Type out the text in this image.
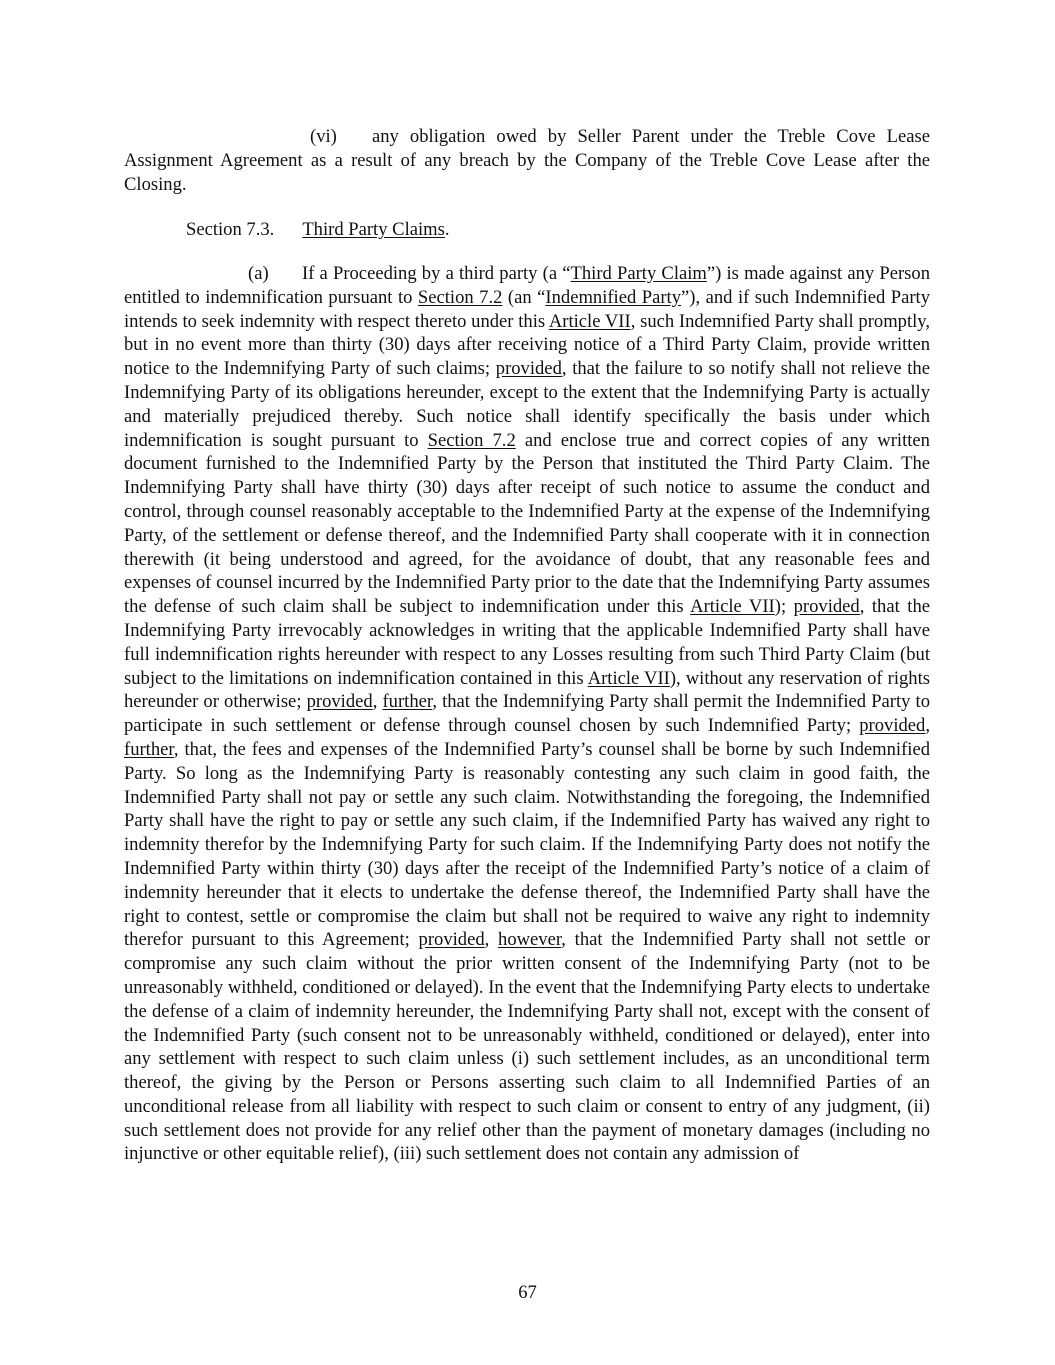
(vi) any obligation owed by Seller Parent under the Treble Cove Lease Assignment Agreement as a result of any breach by the Company of the Treble Cove Lease after the Closing.

Section 7.3. Third Party Claims.

(a) If a Proceeding by a third party (a “Third Party Claim”) is made against any Person entitled to indemnification pursuant to Section 7.2 (an “Indemnified Party”), and if such Indemnified Party intends to seek indemnity with respect thereto under this Article VII, such Indemnified Party shall promptly, but in no event more than thirty (30) days after receiving notice of a Third Party Claim, provide written notice to the Indemnifying Party of such claims; provided, that the failure to so notify shall not relieve the Indemnifying Party of its obligations hereunder, except to the extent that the Indemnifying Party is actually and materially prejudiced thereby. Such notice shall identify specifically the basis under which indemnification is sought pursuant to Section 7.2 and enclose true and correct copies of any written document furnished to the Indemnified Party by the Person that instituted the Third Party Claim. The Indemnifying Party shall have thirty (30) days after receipt of such notice to assume the conduct and control, through counsel reasonably acceptable to the Indemnified Party at the expense of the Indemnifying Party, of the settlement or defense thereof, and the Indemnified Party shall cooperate with it in connection therewith (it being understood and agreed, for the avoidance of doubt, that any reasonable fees and expenses of counsel incurred by the Indemnified Party prior to the date that the Indemnifying Party assumes the defense of such claim shall be subject to indemnification under this Article VII); provided, that the Indemnifying Party irrevocably acknowledges in writing that the applicable Indemnified Party shall have full indemnification rights hereunder with respect to any Losses resulting from such Third Party Claim (but subject to the limitations on indemnification contained in this Article VII), without any reservation of rights hereunder or otherwise; provided, further, that the Indemnifying Party shall permit the Indemnified Party to participate in such settlement or defense through counsel chosen by such Indemnified Party; provided, further, that, the fees and expenses of the Indemnified Party’s counsel shall be borne by such Indemnified Party. So long as the Indemnifying Party is reasonably contesting any such claim in good faith, the Indemnified Party shall not pay or settle any such claim. Notwithstanding the foregoing, the Indemnified Party shall have the right to pay or settle any such claim, if the Indemnified Party has waived any right to indemnity therefor by the Indemnifying Party for such claim. If the Indemnifying Party does not notify the Indemnified Party within thirty (30) days after the receipt of the Indemnified Party’s notice of a claim of indemnity hereunder that it elects to undertake the defense thereof, the Indemnified Party shall have the right to contest, settle or compromise the claim but shall not be required to waive any right to indemnity therefor pursuant to this Agreement; provided, however, that the Indemnified Party shall not settle or compromise any such claim without the prior written consent of the Indemnifying Party (not to be unreasonably withheld, conditioned or delayed). In the event that the Indemnifying Party elects to undertake the defense of a claim of indemnity hereunder, the Indemnifying Party shall not, except with the consent of the Indemnified Party (such consent not to be unreasonably withheld, conditioned or delayed), enter into any settlement with respect to such claim unless (i) such settlement includes, as an unconditional term thereof, the giving by the Person or Persons asserting such claim to all Indemnified Parties of an unconditional release from all liability with respect to such claim or consent to entry of any judgment, (ii) such settlement does not provide for any relief other than the payment of monetary damages (including no injunctive or other equitable relief), (iii) such settlement does not contain any admission of

67
